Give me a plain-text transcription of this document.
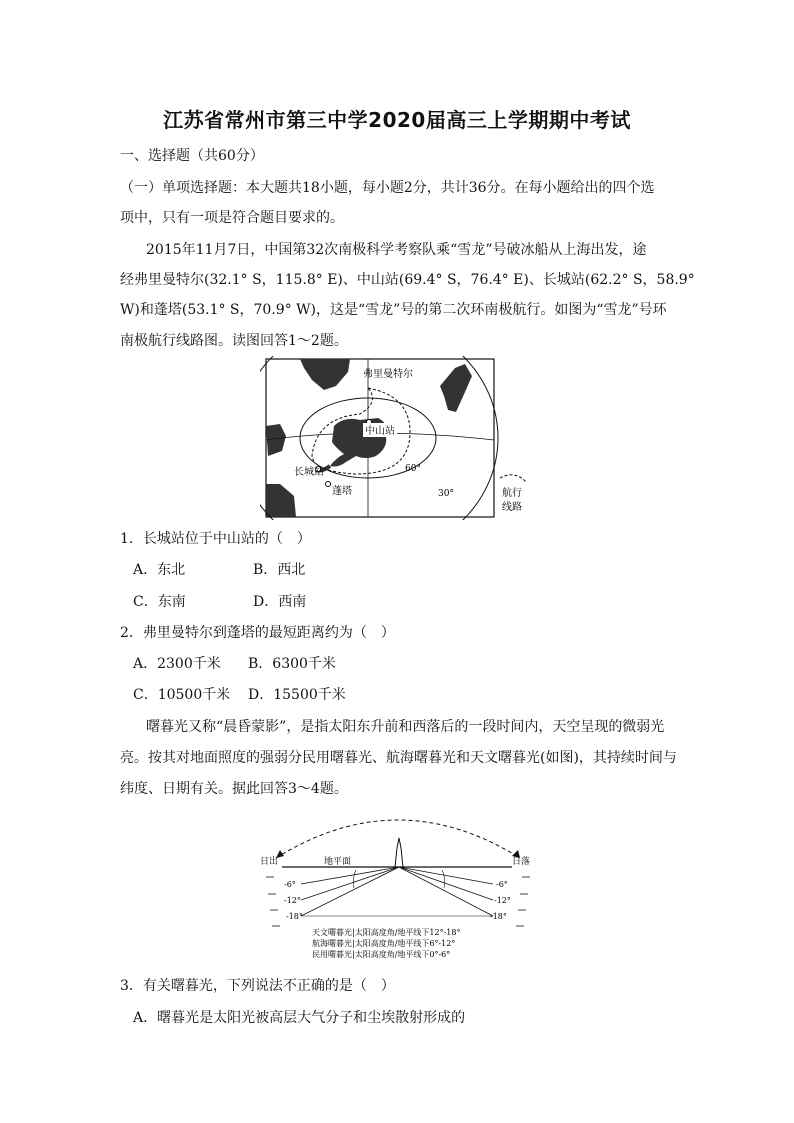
江苏省常州市第三中学2020届高三上学期期中考试
一、选择题（共60分）
（一）单项选择题：本大题共18小题，每小题2分，共计36分。在每小题给出的四个选
项中，只有一项是符合题目要求的。
2015年11月7日，中国第32次南极科学考察队乘“雪龙”号破冰船从上海出发，途
经弗里曼特尔(32.1° S，115.8° E)、中山站(69.4° S，76.4° E)、长城站(62.2° S，58.9°
W)和蓬塔(53.1° S，70.9° W)，这是“雪龙”号的第二次环南极航行。如图为“雪龙”号环
南极航行线路图。读图回答1～2题。
弗里曼特尔
中山站
长城站
蓬塔
60°
30°	航行
线路
1．长城站位于中山站的（　）
A．东北	B．西北
C．东南	D．西南
2．弗里曼特尔到蓬塔的最短距离约为（　）
A．2300千米 B．6300千米
C．10500千米 D．15500千米
曙暮光又称“晨昏蒙影”，是指太阳东升前和西落后的一段时间内，天空呈现的微弱光
亮。按其对地面照度的强弱分民用曙暮光、航海曙暮光和天文曙暮光(如图)，其持续时间与
纬度、日期有关。据此回答3～4题。
日出	日落
地平面
-6°
-12°
-18°
-6°
-12°
-18°
天文曙暮光|太阳高度角/地平线下12°-18°
航海曙暮光|太阳高度角/地平线下6°-12°
民用曙暮光|太阳高度角/地平线下0°-6°
3．有关曙暮光，下列说法不正确的是（　）
A．曙暮光是太阳光被高层大气分子和尘埃散射形成的
